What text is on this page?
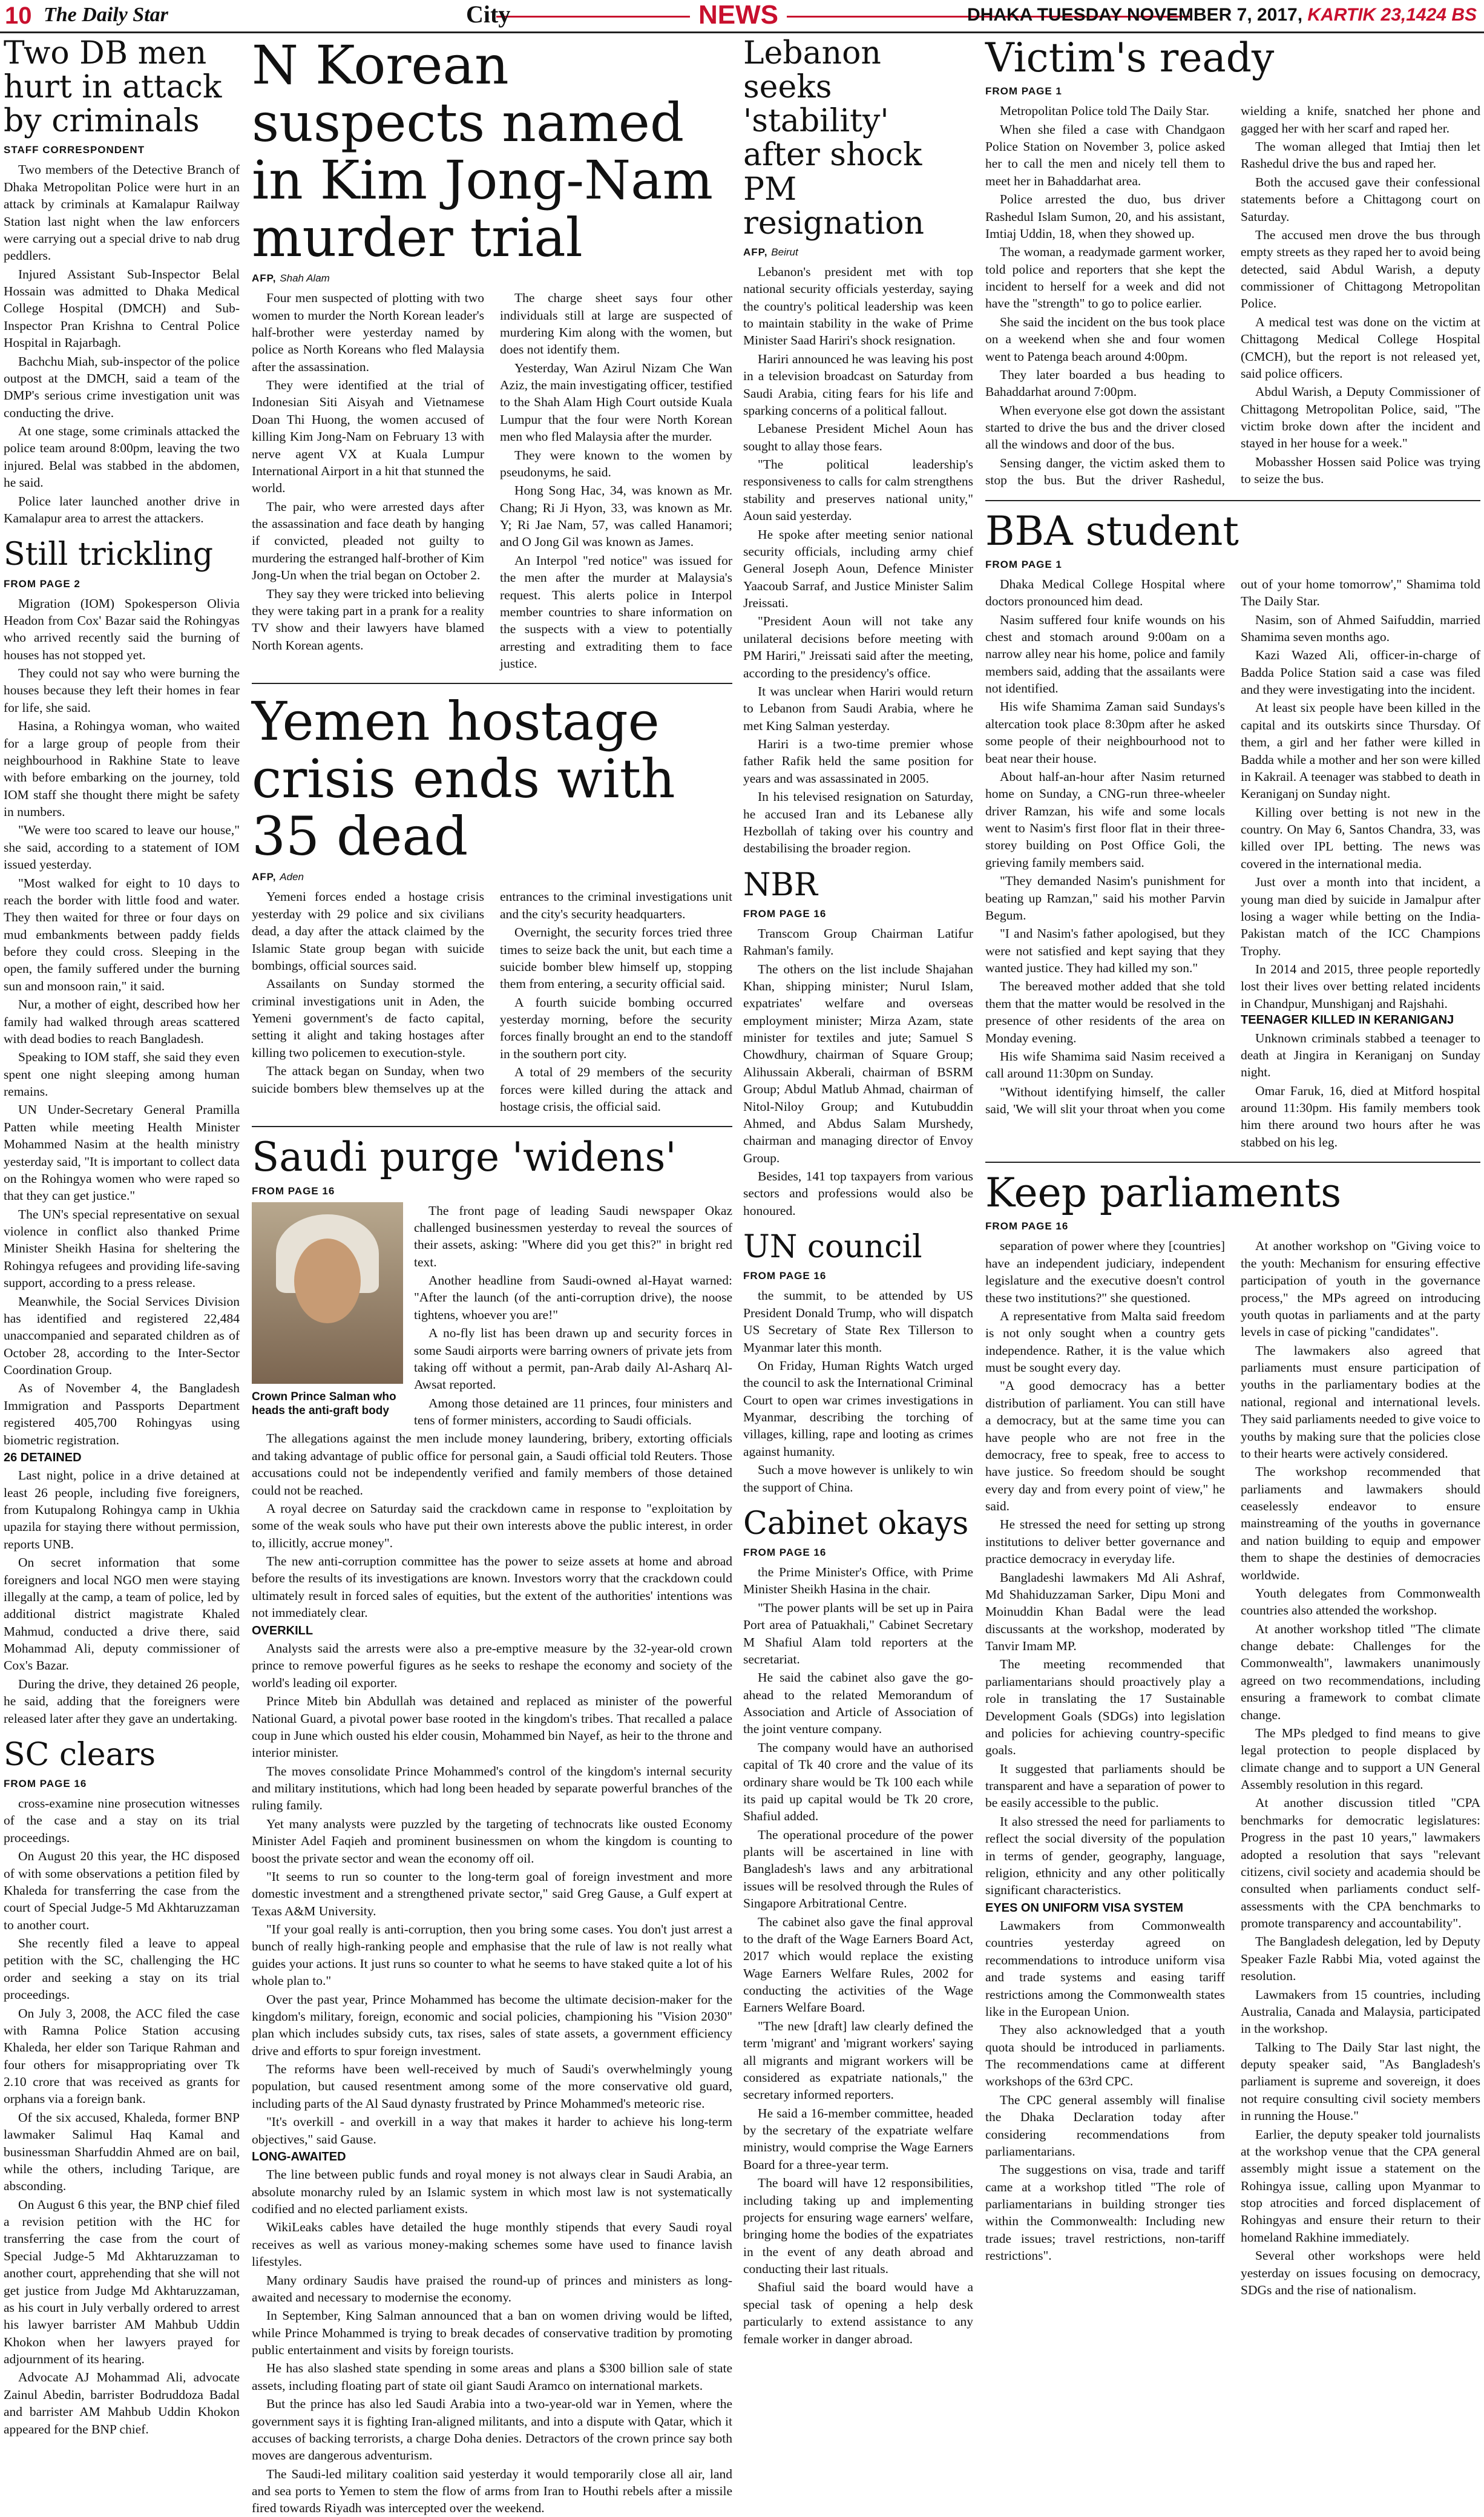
10 The Daily Star	City	NEWS	DHAKA TUESDAY NOVEMBER 7, 2017, KARTIK 23,1424 BS
Two DB men hurt in attack by criminals
STAFF CORRESPONDENT

Two members of the Detective Branch of Dhaka Metropolitan Police were hurt in an attack by criminals at Kamalapur Railway Station last night when the law enforcers were carrying out a special drive to nab drug peddlers.

Injured Assistant Sub-Inspector Belal Hossain was admitted to Dhaka Medical College Hospital (DMCH) and Sub-Inspector Pran Krishna to Central Police Hospital in Rajarbagh.

Bachchu Miah, sub-inspector of the police outpost at the DMCH, said a team of the DMP's serious crime investigation unit was conducting the drive.

At one stage, some criminals attacked the police team around 8:00pm, leaving the two injured. Belal was stabbed in the abdomen, he said.

Police later launched another drive in Kamalapur area to arrest the attackers.

Still trickling
FROM PAGE 2

Migration (IOM) Spokesperson Olivia Headon from Cox' Bazar said the Rohingyas who arrived recently said the burning of houses has not stopped yet.

They could not say who were burning the houses because they left their homes in fear for life, she said.

Hasina, a Rohingya woman, who waited for a large group of people from their neighbourhood in Rakhine State to leave with before embarking on the journey, told IOM staff she thought there might be safety in numbers.

"We were too scared to leave our house," she said, according to a statement of IOM issued yesterday.

"Most walked for eight to 10 days to reach the border with little food and water. They then waited for three or four days on mud embankments between paddy fields before they could cross. Sleeping in the open, the family suffered under the burning sun and monsoon rain," it said.

Nur, a mother of eight, described how her family had walked through areas scattered with dead bodies to reach Bangladesh.

Speaking to IOM staff, she said they even spent one night sleeping among human remains.

UN Under-Secretary General Pramilla Patten while meeting Health Minister Mohammed Nasim at the health ministry yesterday said, "It is important to collect data on the Rohingya women who were raped so that they can get justice."

The UN's special representative on sexual violence in conflict also thanked Prime Minister Sheikh Hasina for sheltering the Rohingya refugees and providing life-saving support, according to a press release.

Meanwhile, the Social Services Division has identified and registered 22,484 unaccompanied and separated children as of October 28, according to the Inter-Sector Coordination Group.

As of November 4, the Bangladesh Immigration and Passports Department registered 405,700 Rohingyas using biometric registration.

26 DETAINED

Last night, police in a drive detained at least 26 people, including five foreigners, from Kutupalong Rohingya camp in Ukhia upazila for staying there without permission, reports UNB.

On secret information that some foreigners and local NGO men were staying illegally at the camp, a team of police, led by additional district magistrate Khaled Mahmud, conducted a drive there, said Mohammad Ali, deputy commissioner of Cox's Bazar.

During the drive, they detained 26 people, he said, adding that the foreigners were released later after they gave an undertaking.

SC clears
FROM PAGE 16

cross-examine nine prosecution witnesses of the case and a stay on its trial proceedings.

On August 20 this year, the HC disposed of with some observations a petition filed by Khaleda for transferring the case from the court of Special Judge-5 Md Akhtaruzzaman to another court.

She recently filed a leave to appeal petition with the SC, challenging the HC order and seeking a stay on its trial proceedings.

On July 3, 2008, the ACC filed the case with Ramna Police Station accusing Khaleda, her elder son Tarique Rahman and four others for misappropriating over Tk 2.10 crore that was received as grants for orphans via a foreign bank.

Of the six accused, Khaleda, former BNP lawmaker Salimul Haq Kamal and businessman Sharfuddin Ahmed are on bail, while the others, including Tarique, are absconding.

On August 6 this year, the BNP chief filed a revision petition with the HC for transferring the case from the court of Special Judge-5 Md Akhtaruzzaman to another court, apprehending that she will not get justice from Judge Md Akhtaruzzaman, as his court in July verbally ordered to arrest his lawyer barrister AM Mahbub Uddin Khokon when her lawyers prayed for adjournment of its hearing.

Advocate AJ Mohammad Ali, advocate Zainul Abedin, barrister Bodruddoza Badal and barrister AM Mahbub Uddin Khokon appeared for the BNP chief.

N Korean suspects named in Kim Jong-Nam murder trial
AFP, Shah Alam

Four men suspected of plotting with two women to murder the North Korean leader's half-brother were yesterday named by police as North Koreans who fled Malaysia after the assassination.

They were identified at the trial of Indonesian Siti Aisyah and Vietnamese Doan Thi Huong, the women accused of killing Kim Jong-Nam on February 13 with nerve agent VX at Kuala Lumpur International Airport in a hit that stunned the world.

The pair, who were arrested days after the assassination and face death by hanging if convicted, pleaded not guilty to murdering the estranged half-brother of Kim Jong-Un when the trial began on October 2.

They say they were tricked into believing they were taking part in a prank for a reality TV show and their lawyers have blamed North Korean agents.

The charge sheet says four other individuals still at large are suspected of murdering Kim along with the women, but does not identify them.

Yesterday, Wan Azirul Nizam Che Wan Aziz, the main investigating officer, testified to the Shah Alam High Court outside Kuala Lumpur that the four were North Korean men who fled Malaysia after the murder.

They were known to the women by pseudonyms, he said.

Hong Song Hac, 34, was known as Mr. Chang; Ri Ji Hyon, 33, was known as Mr. Y; Ri Jae Nam, 57, was called Hanamori; and O Jong Gil was known as James.

An Interpol "red notice" was issued for the men after the murder at Malaysia's request. This alerts police in Interpol member countries to share information on the suspects with a view to potentially arresting and extraditing them to face justice.

Yemen hostage crisis ends with 35 dead
AFP, Aden

Yemeni forces ended a hostage crisis yesterday with 29 police and six civilians dead, a day after the attack claimed by the Islamic State group began with suicide bombings, official sources said.

Assailants on Sunday stormed the criminal investigations unit in Aden, the Yemeni government's de facto capital, setting it alight and taking hostages after killing two policemen to execution-style.

The attack began on Sunday, when two suicide bombers blew themselves up at the entrances to the criminal investigations unit and the city's security headquarters.

Overnight, the security forces tried three times to seize back the unit, but each time a suicide bomber blew himself up, stopping them from entering, a security official said.

A fourth suicide bombing occurred yesterday morning, before the security forces finally brought an end to the standoff in the southern port city.

A total of 29 members of the security forces were killed during the attack and hostage crisis, the official said.

Saudi purge 'widens'
FROM PAGE 16
Crown Prince Salman who heads the anti-graft body

The front page of leading Saudi newspaper Okaz challenged businessmen yesterday to reveal the sources of their assets, asking: "Where did you get this?" in bright red text.

Another headline from Saudi-owned al-Hayat warned: "After the launch (of the anti-corruption drive), the noose tightens, whoever you are!"

A no-fly list has been drawn up and security forces in some Saudi airports were barring owners of private jets from taking off without a permit, pan-Arab daily Al-Asharq Al-Awsat reported.

Among those detained are 11 princes, four ministers and tens of former ministers, according to Saudi officials.

The allegations against the men include money laundering, bribery, extorting officials and taking advantage of public office for personal gain, a Saudi official told Reuters. Those accusations could not be independently verified and family members of those detained could not be reached.

A royal decree on Saturday said the crackdown came in response to "exploitation by some of the weak souls who have put their own interests above the public interest, in order to, illicitly, accrue money".

The new anti-corruption committee has the power to seize assets at home and abroad before the results of its investigations are known. Investors worry that the crackdown could ultimately result in forced sales of equities, but the extent of the authorities' intentions was not immediately clear.

OVERKILL

Analysts said the arrests were also a pre-emptive measure by the 32-year-old crown prince to remove powerful figures as he seeks to reshape the economy and society of the world's leading oil exporter.

Prince Miteb bin Abdullah was detained and replaced as minister of the powerful National Guard, a pivotal power base rooted in the kingdom's tribes. That recalled a palace coup in June which ousted his elder cousin, Mohammed bin Nayef, as heir to the throne and interior minister.

The moves consolidate Prince Mohammed's control of the kingdom's internal security and military institutions, which had long been headed by separate powerful branches of the ruling family.

Yet many analysts were puzzled by the targeting of technocrats like ousted Economy Minister Adel Faqieh and prominent businessmen on whom the kingdom is counting to boost the private sector and wean the economy off oil.

"It seems to run so counter to the long-term goal of foreign investment and more domestic investment and a strengthened private sector," said Greg Gause, a Gulf expert at Texas A&M University.

"If your goal really is anti-corruption, then you bring some cases. You don't just arrest a bunch of really high-ranking people and emphasise that the rule of law is not really what guides your actions. It just runs so counter to what he seems to have staked quite a lot of his whole plan to."

Over the past year, Prince Mohammed has become the ultimate decision-maker for the kingdom's military, foreign, economic and social policies, championing his "Vision 2030" plan which includes subsidy cuts, tax rises, sales of state assets, a government efficiency drive and efforts to spur foreign investment.

The reforms have been well-received by much of Saudi's overwhelmingly young population, but caused resentment among some of the more conservative old guard, including parts of the Al Saud dynasty frustrated by Prince Mohammed's meteoric rise.

"It's overkill - and overkill in a way that makes it harder to achieve his long-term objectives," said Gause.

LONG-AWAITED

The line between public funds and royal money is not always clear in Saudi Arabia, an absolute monarchy ruled by an Islamic system in which most law is not systematically codified and no elected parliament exists.

WikiLeaks cables have detailed the huge monthly stipends that every Saudi royal receives as well as various money-making schemes some have used to finance lavish lifestyles.

Many ordinary Saudis have praised the round-up of princes and ministers as long-awaited and necessary to modernise the economy.

In September, King Salman announced that a ban on women driving would be lifted, while Prince Mohammed is trying to break decades of conservative tradition by promoting public entertainment and visits by foreign tourists.

He has also slashed state spending in some areas and plans a $300 billion sale of state assets, including floating part of state oil giant Saudi Aramco on international markets.

But the prince has also led Saudi Arabia into a two-year-old war in Yemen, where the government says it is fighting Iran-aligned militants, and into a dispute with Qatar, which it accuses of backing terrorists, a charge Doha denies. Detractors of the crown prince say both moves are dangerous adventurism.

The Saudi-led military coalition said yesterday it would temporarily close all air, land and sea ports to Yemen to stem the flow of arms from Iran to Houthi rebels after a missile fired towards Riyadh was intercepted over the weekend.

Lebanon seeks 'stability' after shock PM resignation
AFP, Beirut

Lebanon's president met with top national security officials yesterday, saying the country's political leadership was keen to maintain stability in the wake of Prime Minister Saad Hariri's shock resignation.

Hariri announced he was leaving his post in a television broadcast on Saturday from Saudi Arabia, citing fears for his life and sparking concerns of a political fallout.

Lebanese President Michel Aoun has sought to allay those fears.

"The political leadership's responsiveness to calls for calm strengthens stability and preserves national unity," Aoun said yesterday.

He spoke after meeting senior national security officials, including army chief General Joseph Aoun, Defence Minister Yaacoub Sarraf, and Justice Minister Salim Jreissati.

"President Aoun will not take any unilateral decisions before meeting with PM Hariri," Jreissati said after the meeting, according to the presidency's office.

It was unclear when Hariri would return to Lebanon from Saudi Arabia, where he met King Salman yesterday.

Hariri is a two-time premier whose father Rafik held the same position for years and was assassinated in 2005.

In his televised resignation on Saturday, he accused Iran and its Lebanese ally Hezbollah of taking over his country and destabilising the broader region.

NBR
FROM PAGE 16

Transcom Group Chairman Latifur Rahman's family.

The others on the list include Shajahan Khan, shipping minister; Nurul Islam, expatriates' welfare and overseas employment minister; Mirza Azam, state minister for textiles and jute; Samuel S Chowdhury, chairman of Square Group; Alihussain Akberali, chairman of BSRM Group; Abdul Matlub Ahmad, chairman of Nitol-Niloy Group; and Kutubuddin Ahmed, and Abdus Salam Murshedy, chairman and managing director of Envoy Group.

Besides, 141 top taxpayers from various sectors and professions would also be honoured.

UN council
FROM PAGE 16

the summit, to be attended by US President Donald Trump, who will dispatch US Secretary of State Rex Tillerson to Myanmar later this month.

On Friday, Human Rights Watch urged the council to ask the International Criminal Court to open war crimes investigations in Myanmar, describing the torching of villages, killing, rape and looting as crimes against humanity.

Such a move however is unlikely to win the support of China.

Cabinet okays
FROM PAGE 16

the Prime Minister's Office, with Prime Minister Sheikh Hasina in the chair.

"The power plants will be set up in Paira Port area of Patuakhali," Cabinet Secretary M Shafiul Alam told reporters at the secretariat.

He said the cabinet also gave the go-ahead to the related Memorandum of Association and Article of Association of the joint venture company.

The company would have an authorised capital of Tk 40 crore and the value of its ordinary share would be Tk 100 each while its paid up capital would be Tk 20 crore, Shafiul added.

The operational procedure of the power plants will be ascertained in line with Bangladesh's laws and any arbitrational issues will be resolved through the Rules of Singapore Arbitrational Centre.

The cabinet also gave the final approval to the draft of the Wage Earners Board Act, 2017 which would replace the existing Wage Earners Welfare Rules, 2002 for conducting the activities of the Wage Earners Welfare Board.

"The new [draft] law clearly defined the term 'migrant' and 'migrant workers' saying all migrants and migrant workers will be considered as expatriate nationals," the secretary informed reporters.

He said a 16-member committee, headed by the secretary of the expatriate welfare ministry, would comprise the Wage Earners Board for a three-year term.

The board will have 12 responsibilities, including taking up and implementing projects for ensuring wage earners' welfare, bringing home the bodies of the expatriates in the event of any death abroad and conducting their last rituals.

Shafiul said the board would have a special task of opening a help desk particularly to extend assistance to any female worker in danger abroad.

Victim's ready
FROM PAGE 1

Metropolitan Police told The Daily Star.

When she filed a case with Chandgaon Police Station on November 3, police asked her to call the men and nicely tell them to meet her in Bahaddarhat area.

Police arrested the duo, bus driver Rashedul Islam Sumon, 20, and his assistant, Imtiaj Uddin, 18, when they showed up.

The woman, a readymade garment worker, told police and reporters that she kept the incident to herself for a week and did not have the "strength" to go to police earlier.

She said the incident on the bus took place on a weekend when she and four women went to Patenga beach around 4:00pm.

They later boarded a bus heading to Bahaddarhat around 7:00pm.

When everyone else got down the assistant started to drive the bus and the driver closed all the windows and door of the bus.

Sensing danger, the victim asked them to stop the bus. But the driver Rashedul, wielding a knife, snatched her phone and gagged her with her scarf and raped her.

The woman alleged that Imtiaj then let Rashedul drive the bus and raped her.

Both the accused gave their confessional statements before a Chittagong court on Saturday.

The accused men drove the bus through empty streets as they raped her to avoid being detected, said Abdul Warish, a deputy commissioner of Chittagong Metropolitan Police.

A medical test was done on the victim at Chittagong Medical College Hospital (CMCH), but the report is not released yet, said police officers.

Abdul Warish, a Deputy Commissioner of Chittagong Metropolitan Police, said, "The victim broke down after the incident and stayed in her house for a week."

Mobassher Hossen said Police was trying to seize the bus.

BBA student
FROM PAGE 1

Dhaka Medical College Hospital where doctors pronounced him dead.

Nasim suffered four knife wounds on his chest and stomach around 9:00am on a narrow alley near his home, police and family members said, adding that the assailants were not identified.

His wife Shamima Zaman said Sundays's altercation took place 8:30pm after he asked some people of their neighbourhood not to beat near their house.

About half-an-hour after Nasim returned home on Sunday, a CNG-run three-wheeler driver Ramzan, his wife and some locals went to Nasim's first floor flat in their three-storey building on Post Office Goli, the grieving family members said.

"They demanded Nasim's punishment for beating up Ramzan," said his mother Parvin Begum.

"I and Nasim's father apologised, but they were not satisfied and kept saying that they wanted justice. They had killed my son."

The bereaved mother added that she told them that the matter would be resolved in the presence of other residents of the area on Monday evening.

His wife Shamima said Nasim received a call around 11:30pm on Sunday.

"Without identifying himself, the caller said, 'We will slit your throat when you come out of your home tomorrow'," Shamima told The Daily Star.

Nasim, son of Ahmed Saifuddin, married Shamima seven months ago.

Kazi Wazed Ali, officer-in-charge of Badda Police Station said a case was filed and they were investigating into the incident.

At least six people have been killed in the capital and its outskirts since Thursday. Of them, a girl and her father were killed in Badda while a mother and her son were killed in Kakrail. A teenager was stabbed to death in Keraniganj on Sunday night.

Killing over betting is not new in the country. On May 6, Santos Chandra, 33, was killed over IPL betting. The news was covered in the international media.

Just over a month into that incident, a young man died by suicide in Jamalpur after losing a wager while betting on the India-Pakistan match of the ICC Champions Trophy.

In 2014 and 2015, three people reportedly lost their lives over betting related incidents in Chandpur, Munshiganj and Rajshahi.

TEENAGER KILLED IN KERANIGANJ

Unknown criminals stabbed a teenager to death at Jingira in Keraniganj on Sunday night.

Omar Faruk, 16, died at Mitford hospital around 11:30pm. His family members took him there around two hours after he was stabbed on his leg.

Keep parliaments
FROM PAGE 16

separation of power where they [countries] have an independent judiciary, independent legislature and the executive doesn't control these two institutions?" she questioned.

A representative from Malta said freedom is not only sought when a country gets independence. Rather, it is the value which must be sought every day.

"A good democracy has a better distribution of parliament. You can still have a democracy, but at the same time you can have people who are not free in the democracy, free to speak, free to access to have justice. So freedom should be sought every day and from every point of view," he said.

He stressed the need for setting up strong institutions to deliver better governance and practice democracy in everyday life.

Bangladeshi lawmakers Md Ali Ashraf, Md Shahiduzzaman Sarker, Dipu Moni and Moinuddin Khan Badal were the lead discussants at the workshop, moderated by Tanvir Imam MP.

The meeting recommended that parliamentarians should proactively play a role in translating the 17 Sustainable Development Goals (SDGs) into legislation and policies for achieving country-specific goals.

It suggested that parliaments should be transparent and have a separation of power to be easily accessible to the public.

It also stressed the need for parliaments to reflect the social diversity of the population in terms of gender, geography, language, religion, ethnicity and any other politically significant characteristics.

EYES ON UNIFORM VISA SYSTEM

Lawmakers from Commonwealth countries yesterday agreed on recommendations to introduce uniform visa and trade systems and easing tariff restrictions among the Commonwealth states like in the European Union.

They also acknowledged that a youth quota should be introduced in parliaments. The recommendations came at different workshops of the 63rd CPC.

The CPC general assembly will finalise the Dhaka Declaration today after considering recommendations from parliamentarians.

The suggestions on visa, trade and tariff came at a workshop titled "The role of parliamentarians in building stronger ties within the Commonwealth: Including new trade issues; travel restrictions, non-tariff restrictions".

At another workshop on "Giving voice to the youth: Mechanism for ensuring effective participation of youth in the governance process," the MPs agreed on introducing youth quotas in parliaments and at the party levels in case of picking "candidates".

The lawmakers also agreed that parliaments must ensure participation of youths in the parliamentary bodies at the national, regional and international levels. They said parliaments needed to give voice to youths by making sure that the policies close to their hearts were actively considered.

The workshop recommended that parliaments and lawmakers should ceaselessly endeavor to ensure mainstreaming of the youths in governance and nation building to equip and empower them to shape the destinies of democracies worldwide.

Youth delegates from Commonwealth countries also attended the workshop.

At another workshop titled "The climate change debate: Challenges for the Commonwealth", lawmakers unanimously agreed on two recommendations, including ensuring a framework to combat climate change.

The MPs pledged to find means to give legal protection to people displaced by climate change and to support a UN General Assembly resolution in this regard.

At another discussion titled "CPA benchmarks for democratic legislatures: Progress in the past 10 years," lawmakers adopted a resolution that says "relevant citizens, civil society and academia should be consulted when parliaments conduct self-assessments with the CPA benchmarks to promote transparency and accountability".

The Bangladesh delegation, led by Deputy Speaker Fazle Rabbi Mia, voted against the resolution.

Lawmakers from 15 countries, including Australia, Canada and Malaysia, participated in the workshop.

Talking to The Daily Star last night, the deputy speaker said, "As Bangladesh's parliament is supreme and sovereign, it does not require consulting civil society members in running the House."

Earlier, the deputy speaker told journalists at the workshop venue that the CPA general assembly might issue a statement on the Rohingya issue, calling upon Myanmar to stop atrocities and forced displacement of Rohingyas and ensure their return to their homeland Rakhine immediately.

Several other workshops were held yesterday on issues focusing on democracy, SDGs and the rise of nationalism.
